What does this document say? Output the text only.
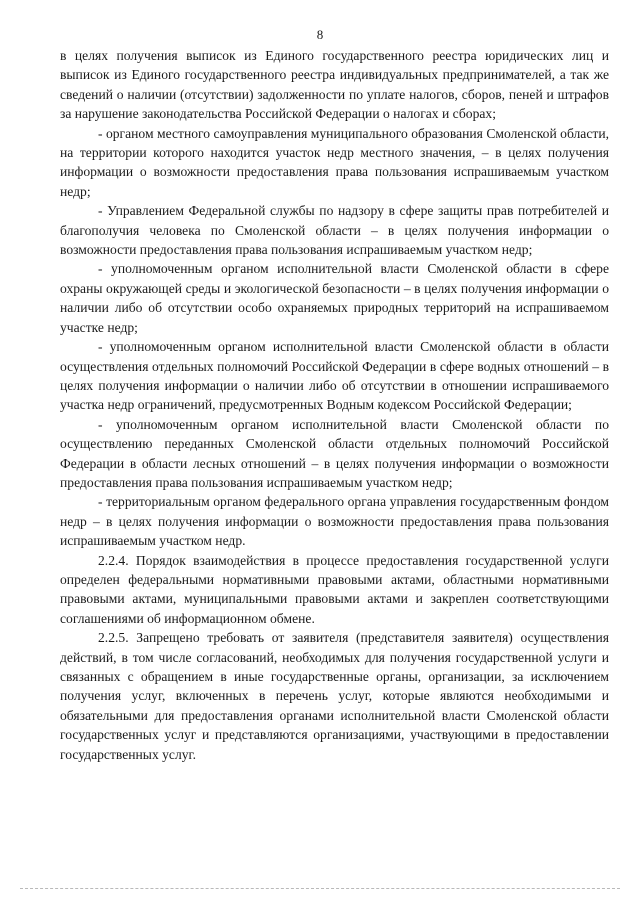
8

в целях получения выписок из Единого государственного реестра юридических лиц и выписок из Единого государственного реестра индивидуальных предпринимателей, а так же сведений о наличии (отсутствии) задолженности по уплате налогов, сборов, пеней и штрафов за нарушение законодательства Российской Федерации о налогах и сборах;

- органом местного самоуправления муниципального образования Смоленской области, на территории которого находится участок недр местного значения, – в целях получения информации о возможности предоставления права пользования испрашиваемым участком недр;

- Управлением Федеральной службы по надзору в сфере защиты прав потребителей и благополучия человека по Смоленской области – в целях получения информации о возможности предоставления права пользования испрашиваемым участком недр;

- уполномоченным органом исполнительной власти Смоленской области в сфере охраны окружающей среды и экологической безопасности – в целях получения информации о наличии либо об отсутствии особо охраняемых природных территорий на испрашиваемом участке недр;

- уполномоченным органом исполнительной власти Смоленской области в области осуществления отдельных полномочий Российской Федерации в сфере водных отношений – в целях получения информации о наличии либо об отсутствии в отношении испрашиваемого участка недр ограничений, предусмотренных Водным кодексом Российской Федерации;

- уполномоченным органом исполнительной власти Смоленской области по осуществлению переданных Смоленской области отдельных полномочий Российской Федерации в области лесных отношений – в целях получения информации о возможности предоставления права пользования испрашиваемым участком недр;

- территориальным органом федерального органа управления государственным фондом недр – в целях получения информации о возможности предоставления права пользования испрашиваемым участком недр.

2.2.4. Порядок взаимодействия в процессе предоставления государственной услуги определен федеральными нормативными правовыми актами, областными нормативными правовыми актами, муниципальными правовыми актами и закреплен соответствующими соглашениями об информационном обмене.

2.2.5. Запрещено требовать от заявителя (представителя заявителя) осуществления действий, в том числе согласований, необходимых для получения государственной услуги и связанных с обращением в иные государственные органы, организации, за исключением получения услуг, включенных в перечень услуг, которые являются необходимыми и обязательными для предоставления органами исполнительной власти Смоленской области государственных услуг и представляются организациями, участвующими в предоставлении государственных услуг.
